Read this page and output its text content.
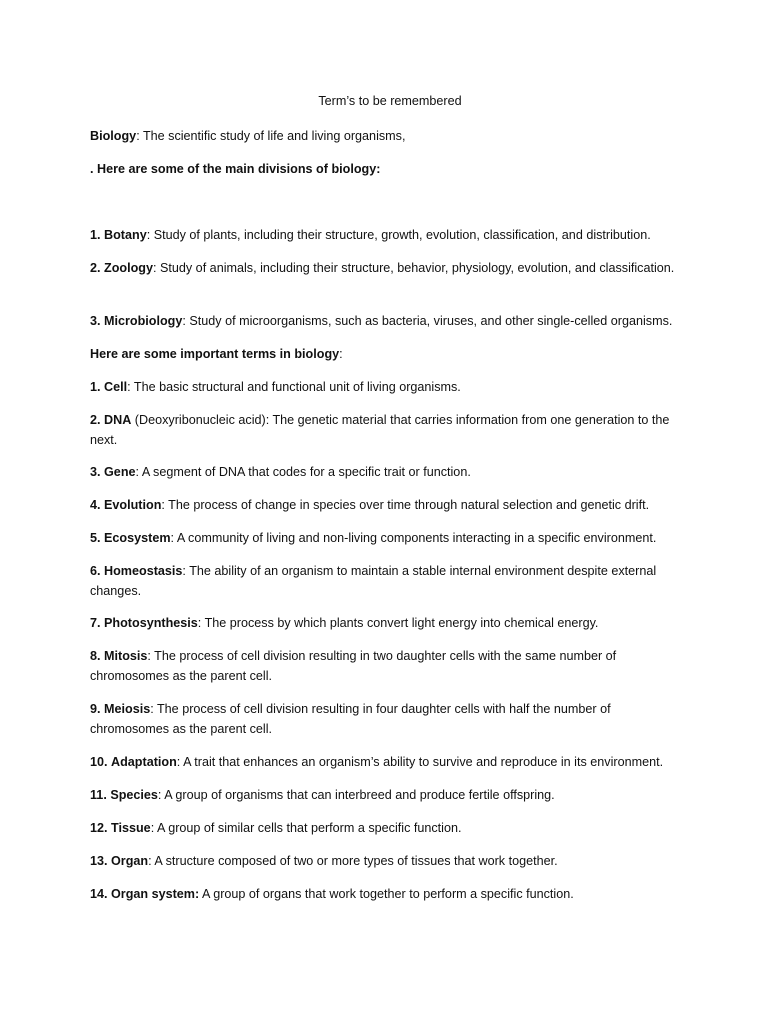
Term’s to be remembered
Biology: The scientific study of life and living organisms,
. Here are some of the main divisions of biology:
1. Botany: Study of plants, including their structure, growth, evolution, classification, and distribution.
2. Zoology: Study of animals, including their structure, behavior, physiology, evolution, and classification.
3. Microbiology: Study of microorganisms, such as bacteria, viruses, and other single-celled organisms.
Here are some important terms in biology:
1. Cell: The basic structural and functional unit of living organisms.
2. DNA (Deoxyribonucleic acid): The genetic material that carries information from one generation to the next.
3. Gene: A segment of DNA that codes for a specific trait or function.
4. Evolution: The process of change in species over time through natural selection and genetic drift.
5. Ecosystem: A community of living and non-living components interacting in a specific environment.
6. Homeostasis: The ability of an organism to maintain a stable internal environment despite external changes.
7. Photosynthesis: The process by which plants convert light energy into chemical energy.
8. Mitosis: The process of cell division resulting in two daughter cells with the same number of chromosomes as the parent cell.
9. Meiosis: The process of cell division resulting in four daughter cells with half the number of chromosomes as the parent cell.
10. Adaptation: A trait that enhances an organism’s ability to survive and reproduce in its environment.
11. Species: A group of organisms that can interbreed and produce fertile offspring.
12. Tissue: A group of similar cells that perform a specific function.
13. Organ: A structure composed of two or more types of tissues that work together.
14. Organ system: A group of organs that work together to perform a specific function.
